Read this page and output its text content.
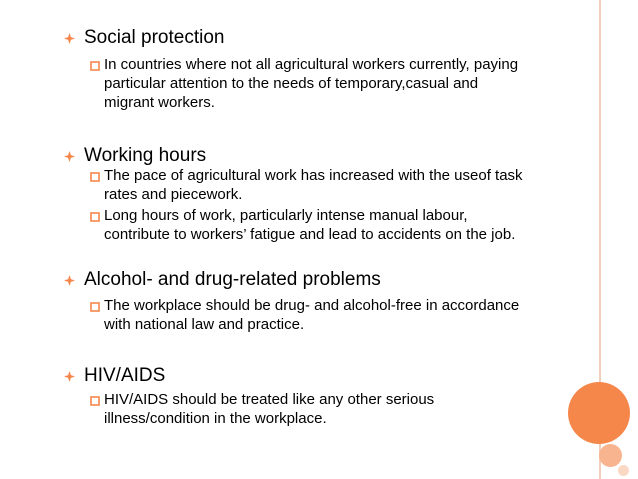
Social protection
In countries where not all agricultural workers currently, paying
particular attention to the needs of temporary,casual and
migrant workers.
Working hours
The pace of agricultural work has increased with the useof task
rates and piecework.
Long hours of work, particularly intense manual labour,
contribute to workers’ fatigue and lead to accidents on the job.
Alcohol- and drug-related problems
The workplace should be drug- and alcohol-free in accordance
with national law and practice.
HIV/AIDS
HIV/AIDS should be treated like any other serious
illness/condition in the workplace.
